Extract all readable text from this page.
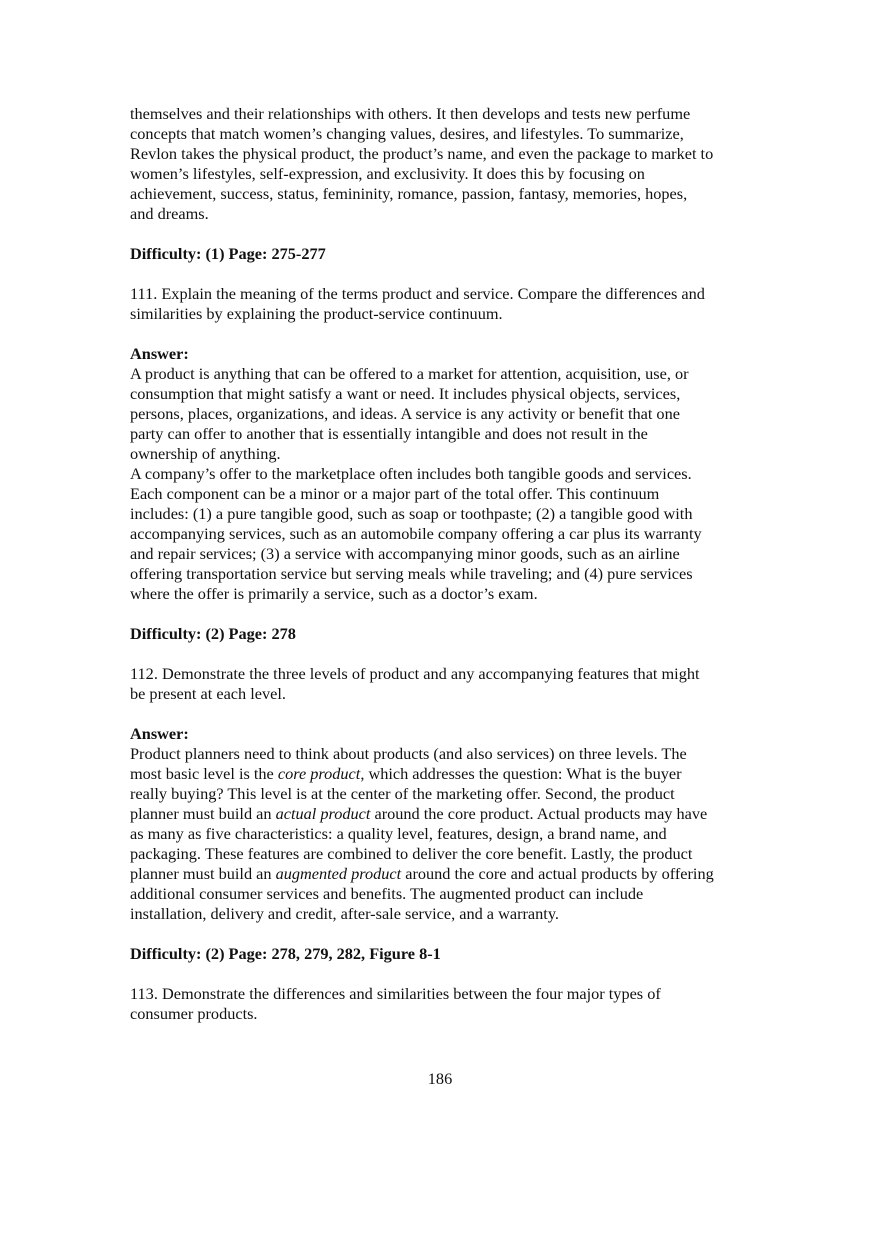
themselves and their relationships with others. It then develops and tests new perfume
concepts that match women’s changing values, desires, and lifestyles. To summarize,
Revlon takes the physical product, the product’s name, and even the package to market to
women’s lifestyles, self-expression, and exclusivity. It does this by focusing on
achievement, success, status, femininity, romance, passion, fantasy, memories, hopes,
and dreams.

Difficulty: (1) Page: 275-277

111. Explain the meaning of the terms product and service. Compare the differences and
similarities by explaining the product-service continuum.

Answer:
A product is anything that can be offered to a market for attention, acquisition, use, or
consumption that might satisfy a want or need. It includes physical objects, services,
persons, places, organizations, and ideas. A service is any activity or benefit that one
party can offer to another that is essentially intangible and does not result in the
ownership of anything.
A company’s offer to the marketplace often includes both tangible goods and services.
Each component can be a minor or a major part of the total offer. This continuum
includes: (1) a pure tangible good, such as soap or toothpaste; (2) a tangible good with
accompanying services, such as an automobile company offering a car plus its warranty
and repair services; (3) a service with accompanying minor goods, such as an airline
offering transportation service but serving meals while traveling; and (4) pure services
where the offer is primarily a service, such as a doctor’s exam.

Difficulty: (2) Page: 278

112. Demonstrate the three levels of product and any accompanying features that might
be present at each level.

Answer:
Product planners need to think about products (and also services) on three levels. The
most basic level is the core product, which addresses the question: What is the buyer
really buying? This level is at the center of the marketing offer. Second, the product
planner must build an actual product around the core product. Actual products may have
as many as five characteristics: a quality level, features, design, a brand name, and
packaging. These features are combined to deliver the core benefit. Lastly, the product
planner must build an augmented product around the core and actual products by offering
additional consumer services and benefits. The augmented product can include
installation, delivery and credit, after-sale service, and a warranty.

Difficulty: (2) Page: 278, 279, 282, Figure 8-1

113. Demonstrate the differences and similarities between the four major types of
consumer products.

186
